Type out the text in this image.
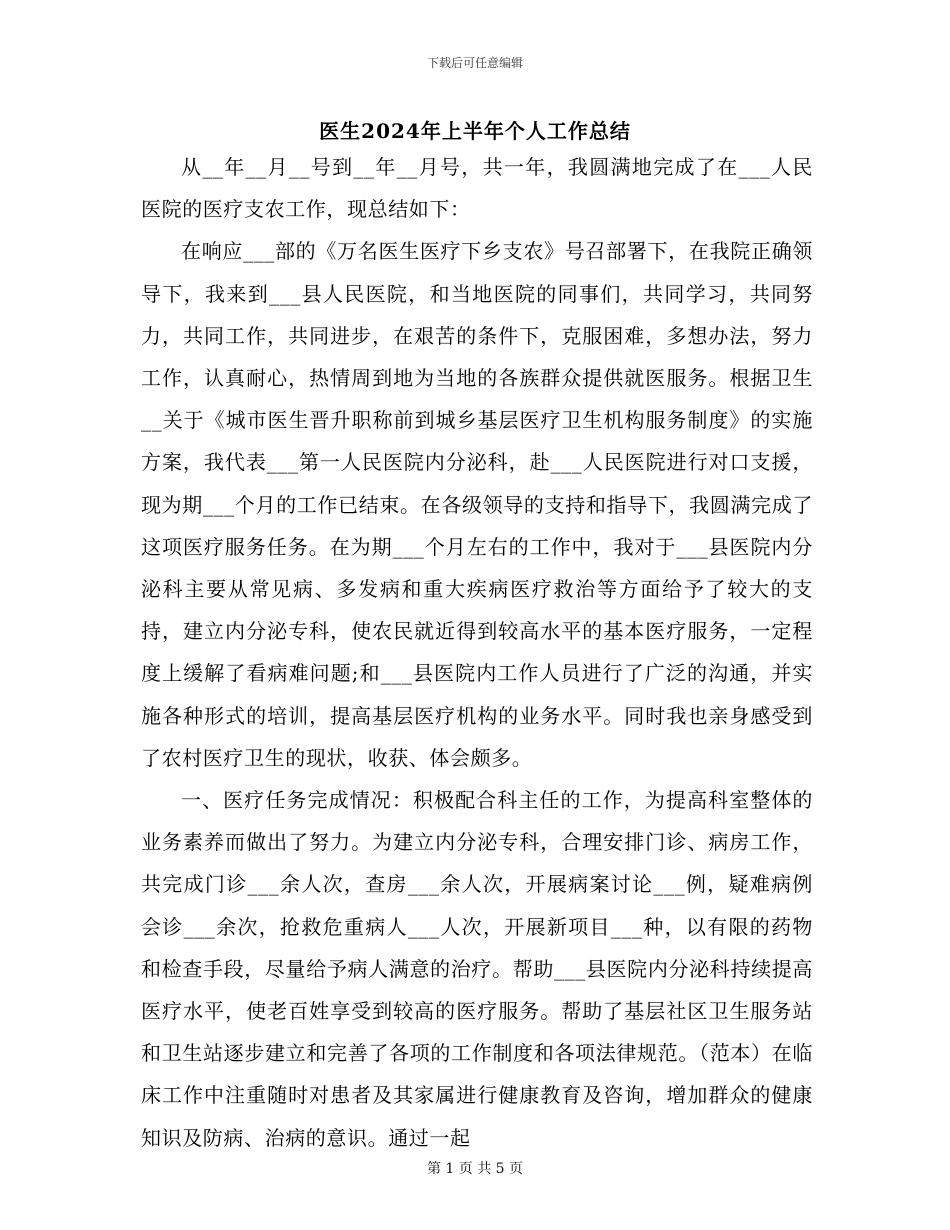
下载后可任意编辑
医生2024年上半年个人工作总结

从__年__月__号到__年__月号，共一年，我圆满地完成了在___人民医院的医疗支农工作，现总结如下：

在响应___部的《万名医生医疗下乡支农》号召部署下，在我院正确领导下，我来到___县人民医院，和当地医院的同事们，共同学习，共同努力，共同工作，共同进步，在艰苦的条件下，克服困难，多想办法，努力工作，认真耐心，热情周到地为当地的各族群众提供就医服务。根据卫生__关于《城市医生晋升职称前到城乡基层医疗卫生机构服务制度》的实施方案，我代表___第一人民医院内分泌科，赴___人民医院进行对口支援，现为期___个月的工作已结束。在各级领导的支持和指导下，我圆满完成了这项医疗服务任务。在为期___个月左右的工作中，我对于___县医院内分泌科主要从常见病、多发病和重大疾病医疗救治等方面给予了较大的支持，建立内分泌专科，使农民就近得到较高水平的基本医疗服务，一定程度上缓解了看病难问题;和___县医院内工作人员进行了广泛的沟通，并实施各种形式的培训，提高基层医疗机构的业务水平。同时我也亲身感受到了农村医疗卫生的现状，收获、体会颇多。

一、医疗任务完成情况：积极配合科主任的工作，为提高科室整体的业务素养而做出了努力。为建立内分泌专科，合理安排门诊、病房工作，共完成门诊___余人次，查房___余人次，开展病案讨论___例，疑难病例会诊___余次，抢救危重病人___人次，开展新项目___种，以有限的药物和检查手段，尽量给予病人满意的治疗。帮助___县医院内分泌科持续提高医疗水平，使老百姓享受到较高的医疗服务。帮助了基层社区卫生服务站和卫生站逐步建立和完善了各项的工作制度和各项法律规范。（范本）在临床工作中注重随时对患者及其家属进行健康教育及咨询，增加群众的健康知识及防病、治病的意识。通过一起

第 1 页 共 5 页
